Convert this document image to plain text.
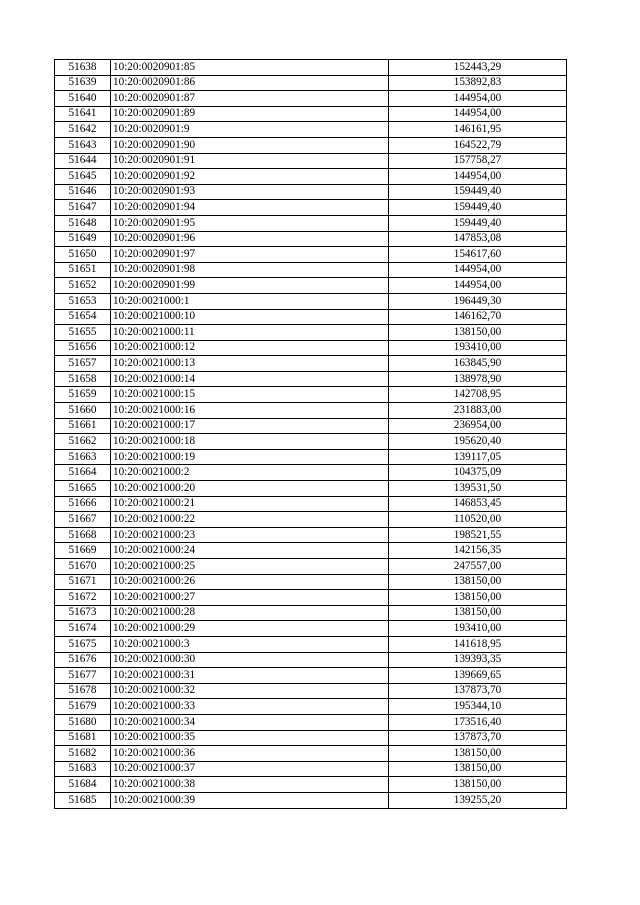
51638	10:20:0020901:85	152443,29
51639	10:20:0020901:86	153892,83
51640	10:20:0020901:87	144954,00
51641	10:20:0020901:89	144954,00
51642	10:20:0020901:9	146161,95
51643	10:20:0020901:90	164522,79
51644	10:20:0020901:91	157758,27
51645	10:20:0020901:92	144954,00
51646	10:20:0020901:93	159449,40
51647	10:20:0020901:94	159449,40
51648	10:20:0020901:95	159449,40
51649	10:20:0020901:96	147853,08
51650	10:20:0020901:97	154617,60
51651	10:20:0020901:98	144954,00
51652	10:20:0020901:99	144954,00
51653	10:20:0021000:1	196449,30
51654	10:20:0021000:10	146162,70
51655	10:20:0021000:11	138150,00
51656	10:20:0021000:12	193410,00
51657	10:20:0021000:13	163845,90
51658	10:20:0021000:14	138978,90
51659	10:20:0021000:15	142708,95
51660	10:20:0021000:16	231883,00
51661	10:20:0021000:17	236954,00
51662	10:20:0021000:18	195620,40
51663	10:20:0021000:19	139117,05
51664	10:20:0021000:2	104375,09
51665	10:20:0021000:20	139531,50
51666	10:20:0021000:21	146853,45
51667	10:20:0021000:22	110520,00
51668	10:20:0021000:23	198521,55
51669	10:20:0021000:24	142156,35
51670	10:20:0021000:25	247557,00
51671	10:20:0021000:26	138150,00
51672	10:20:0021000:27	138150,00
51673	10:20:0021000:28	138150,00
51674	10:20:0021000:29	193410,00
51675	10:20:0021000:3	141618,95
51676	10:20:0021000:30	139393,35
51677	10:20:0021000:31	139669,65
51678	10:20:0021000:32	137873,70
51679	10:20:0021000:33	195344,10
51680	10:20:0021000:34	173516,40
51681	10:20:0021000:35	137873,70
51682	10:20:0021000:36	138150,00
51683	10:20:0021000:37	138150,00
51684	10:20:0021000:38	138150,00
51685	10:20:0021000:39	139255,20
